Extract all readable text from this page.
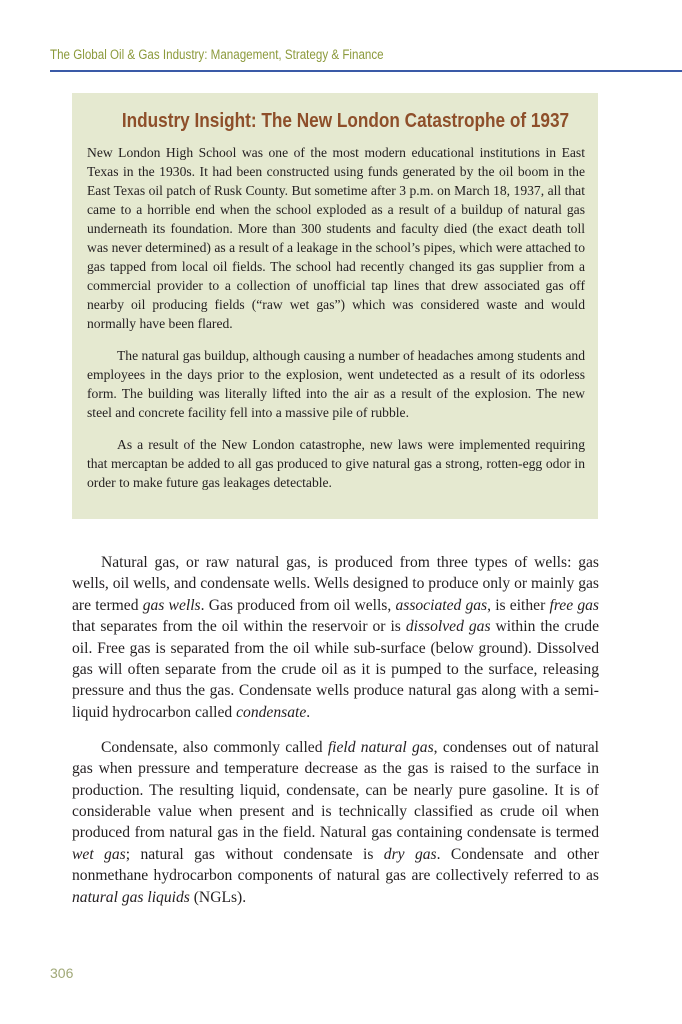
The Global Oil & Gas Industry: Management, Strategy & Finance
Industry Insight: The New London Catastrophe of 1937

New London High School was one of the most modern educational institutions in East Texas in the 1930s. It had been constructed using funds generated by the oil boom in the East Texas oil patch of Rusk County. But sometime after 3 p.m. on March 18, 1937, all that came to a horrible end when the school exploded as a result of a buildup of natural gas underneath its foundation. More than 300 students and faculty died (the exact death toll was never determined) as a result of a leakage in the school’s pipes, which were attached to gas tapped from local oil fields. The school had recently changed its gas supplier from a commercial provider to a collection of unofficial tap lines that drew associated gas off nearby oil producing fields (“raw wet gas”) which was considered waste and would normally have been flared.

The natural gas buildup, although causing a number of headaches among students and employees in the days prior to the explosion, went undetected as a result of its odorless form. The building was literally lifted into the air as a result of the explosion. The new steel and concrete facility fell into a massive pile of rubble.

As a result of the New London catastrophe, new laws were implemented requiring that mercaptan be added to all gas produced to give natural gas a strong, rotten-egg odor in order to make future gas leakages detectable.

Natural gas, or raw natural gas, is produced from three types of wells: gas wells, oil wells, and condensate wells. Wells designed to produce only or mainly gas are termed gas wells. Gas produced from oil wells, associated gas, is either free gas that separates from the oil within the reservoir or is dissolved gas within the crude oil. Free gas is separated from the oil while sub-surface (below ground). Dissolved gas will often separate from the crude oil as it is pumped to the surface, releasing pressure and thus the gas. Condensate wells produce natural gas along with a semi-liquid hydrocarbon called condensate.

Condensate, also commonly called field natural gas, condenses out of natural gas when pressure and temperature decrease as the gas is raised to the surface in production. The resulting liquid, condensate, can be nearly pure gasoline. It is of considerable value when present and is technically classified as crude oil when produced from natural gas in the field. Natural gas containing condensate is termed wet gas; natural gas without condensate is dry gas. Condensate and other nonmethane hydrocarbon components of natural gas are collectively referred to as natural gas liquids (NGLs).

306
